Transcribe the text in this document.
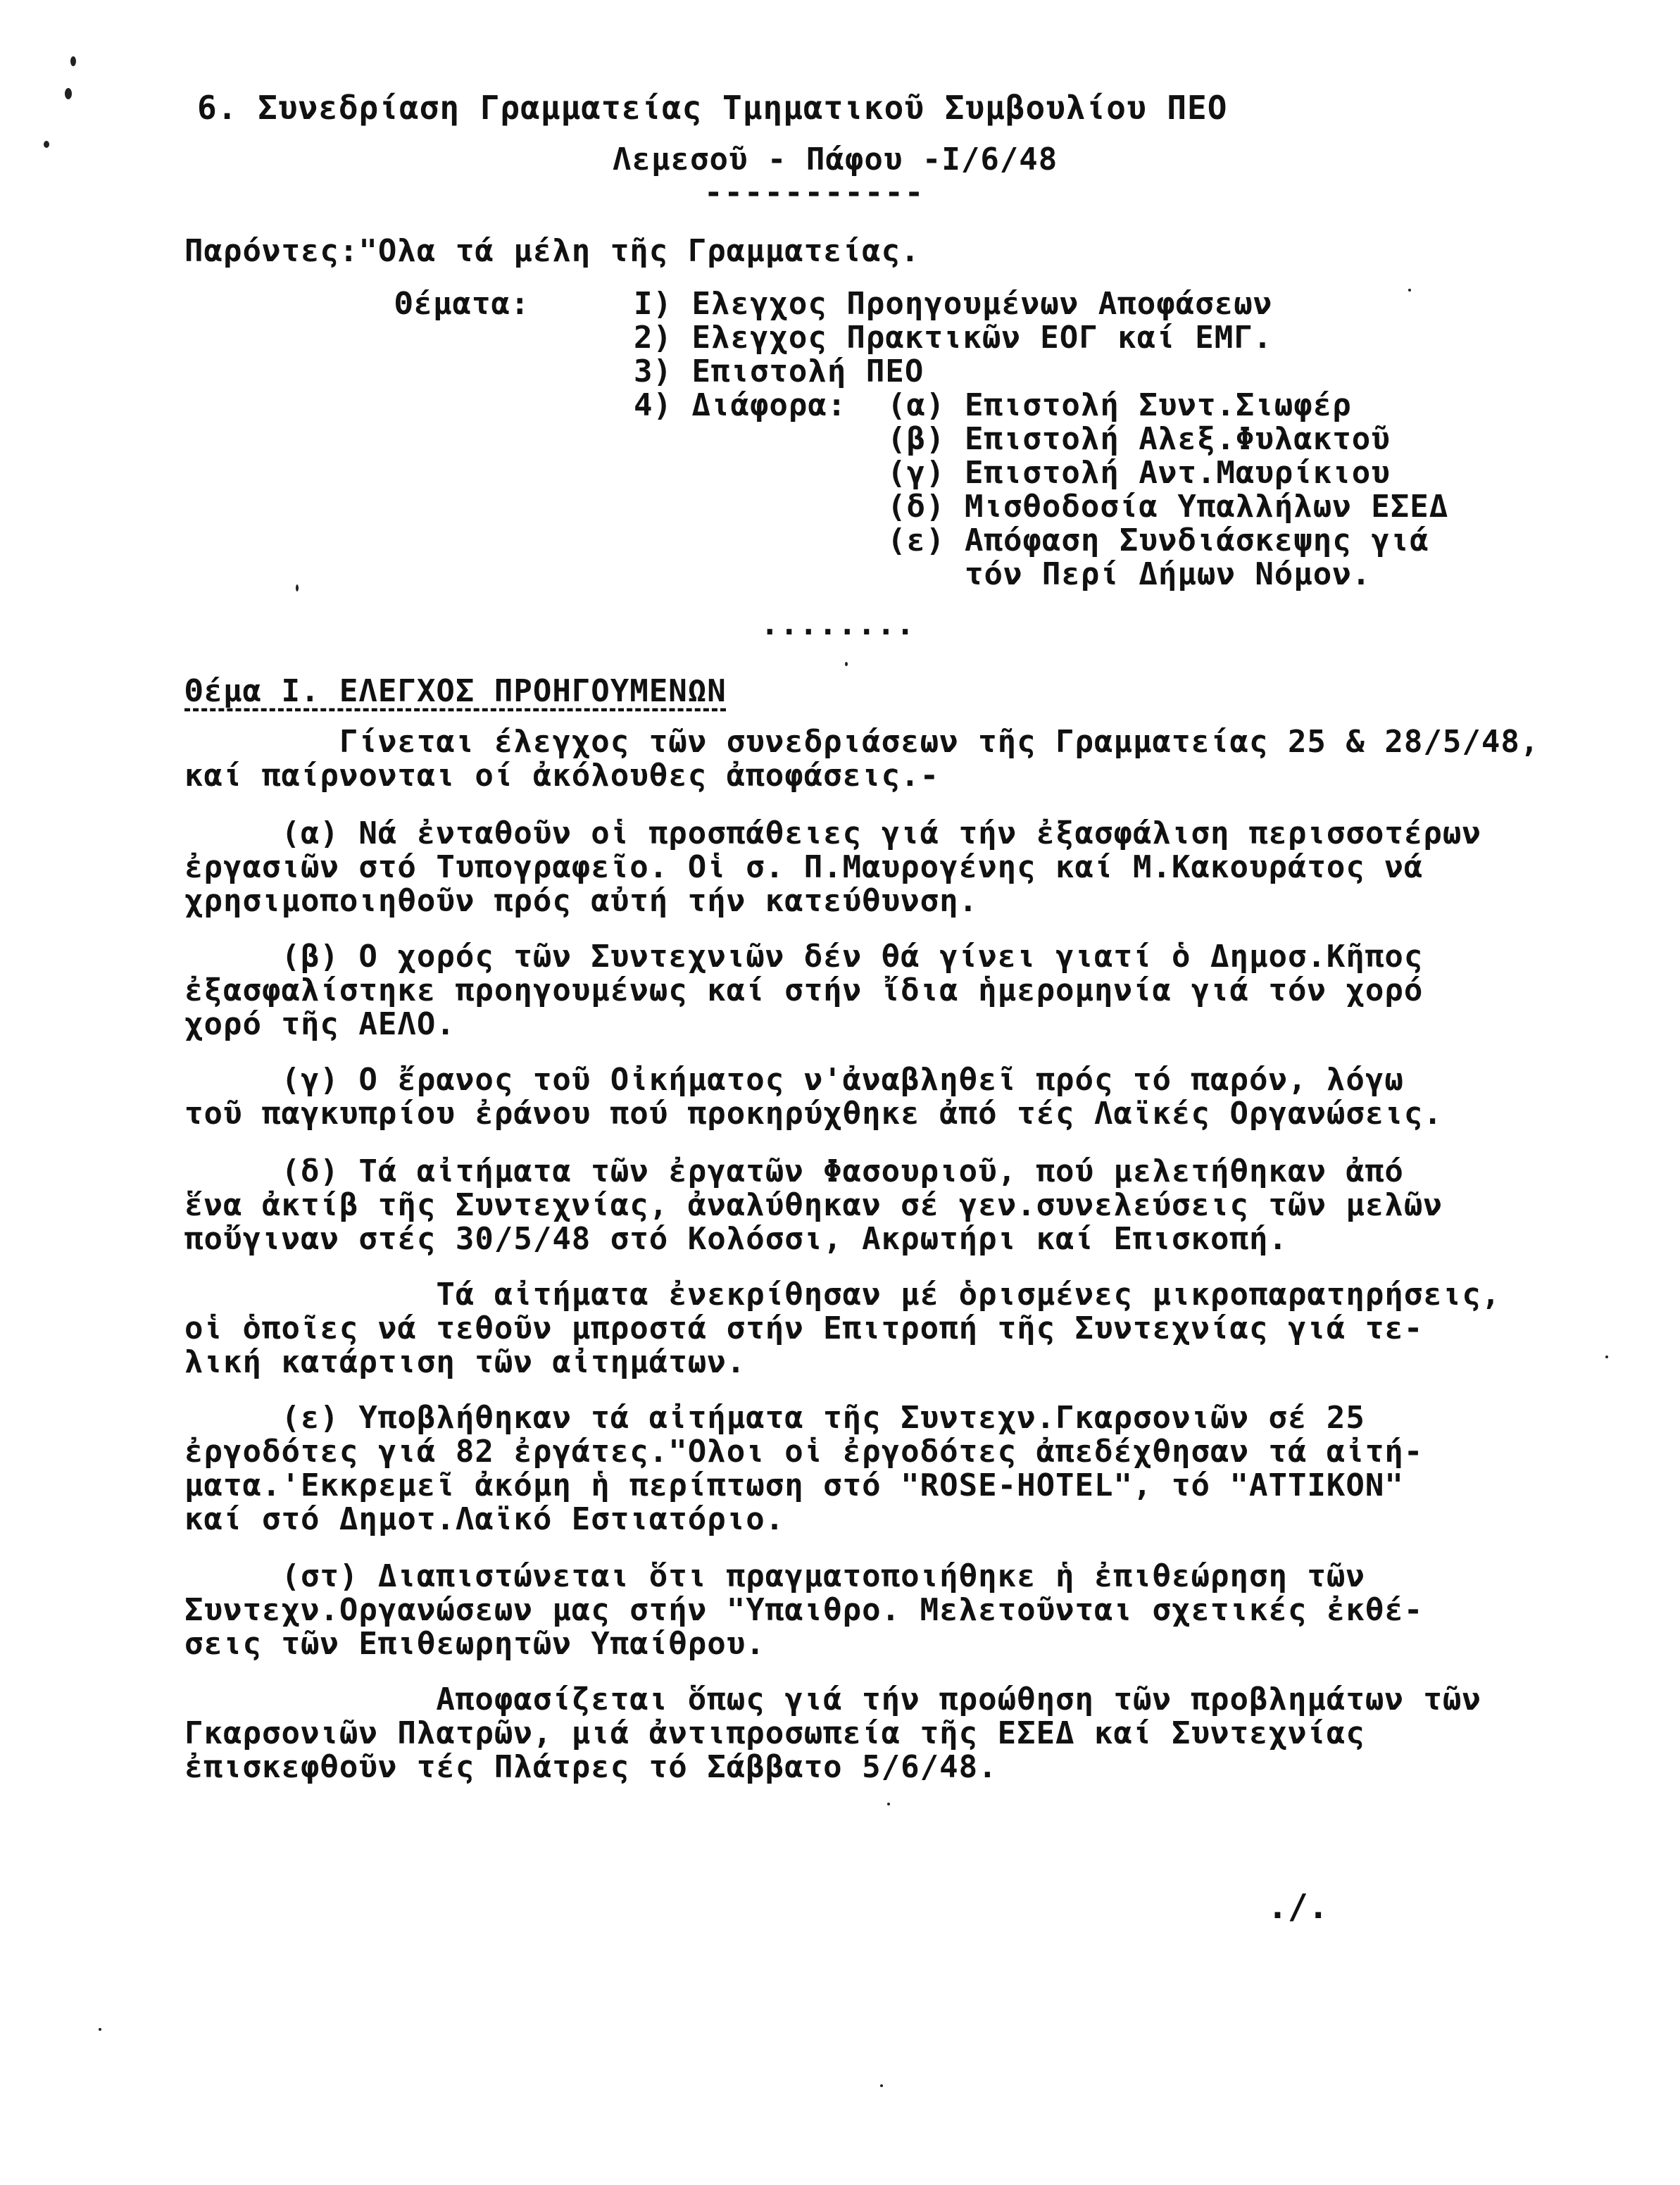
6. Συνεδρίαση Γραμματείας Τμηματικοῦ Συμβουλίου ΠΕΟ
Λεμεσοῦ - Πάφου -Ι/6/48
-----------
Παρόντες:"Ολα τά μέλη τῆς Γραμματείας.
Θέματα:	Ι) Ελεγχος Προηγουμένων Αποφάσεων
2) Ελεγχος Πρακτικῶν ΕΟΓ καί ΕΜΓ.
3) Επιστολή ΠΕΟ
4) Διάφορα: (α) Επιστολή Συντ.Σιωφέρ
(β) Επιστολή Αλεξ.Φυλακτοῦ
(γ) Επιστολή Αντ.Μαυρίκιου
(δ) Μισθοδοσία Υπαλλήλων ΕΣΕΔ
(ε) Απόφαση Συνδιάσκεψης γιά
τόν Περί Δήμων Νόμον.
........
Θέμα Ι. ΕΛΕΓΧΟΣ ΠΡΟΗΓΟΥΜΕΝΩΝ
Γίνεται έλεγχος τῶν συνεδριάσεων τῆς Γραμματείας 25 & 28/5/48,
καί παίρνονται οί ἀκόλουθες ἀποφάσεις.-
(α) Νά ἐνταθοῦν οἱ προσπάθειες γιά τήν ἐξασφάλιση περισσοτέρων
ἐργασιῶν στό Τυπογραφεῖο. Οἱ σ. Π.Μαυρογένης καί Μ.Κακουράτος νά
χρησιμοποιηθοῦν πρός αὐτή τήν κατεύθυνση.
(β) Ο χορός τῶν Συντεχνιῶν δέν θά γίνει γιατί ὁ Δημοσ.Κῆπος
ἐξασφαλίστηκε προηγουμένως καί στήν ἴδια ἡμερομηνία γιά τόν χορό
χορό τῆς ΑΕΛΟ.
(γ) Ο ἔρανος τοῦ Οἰκήματος ν'ἀναβληθεῖ πρός τό παρόν, λόγω
τοῦ παγκυπρίου ἐράνου πού προκηρύχθηκε ἀπό τές Λαϊκές Οργανώσεις.
(δ) Τά αἰτήματα τῶν ἐργατῶν Φασουριοῦ, πού μελετήθηκαν ἀπό
ἕνα ἀκτίβ τῆς Συντεχνίας, ἀναλύθηκαν σέ γεν.συνελεύσεις τῶν μελῶν
ποὔγιναν στές 30/5/48 στό Κολόσσι, Ακρωτήρι καί Επισκοπή.
Τά αἰτήματα ἐνεκρίθησαν μέ ὁρισμένες μικροπαρατηρήσεις,
οἱ ὁποῖες νά τεθοῦν μπροστά στήν Επιτροπή τῆς Συντεχνίας γιά τε-
λική κατάρτιση τῶν αἰτημάτων.
(ε) Υποβλήθηκαν τά αἰτήματα τῆς Συντεχν.Γκαρσονιῶν σέ 25
ἐργοδότες γιά 82 ἐργάτες."Ολοι οἱ ἐργοδότες ἀπεδέχθησαν τά αἰτή-
ματα.'Εκκρεμεῖ ἀκόμη ἡ περίπτωση στό "ROSE-HOTEL", τό "ATTIKON"
καί στό Δημοτ.Λαϊκό Εστιατόριο.
(στ) Διαπιστώνεται ὅτι πραγματοποιήθηκε ἡ ἐπιθεώρηση τῶν
Συντεχν.Οργανώσεων μας στήν "Υπαιθρο. Μελετοῦνται σχετικές ἐκθέ-
σεις τῶν Επιθεωρητῶν Υπαίθρου.
Αποφασίζεται ὅπως γιά τήν προώθηση τῶν προβλημάτων τῶν
Γκαρσονιῶν Πλατρῶν, μιά ἀντιπροσωπεία τῆς ΕΣΕΔ καί Συντεχνίας
ἐπισκεφθοῦν τές Πλάτρες τό Σάββατο 5/6/48.
./.
